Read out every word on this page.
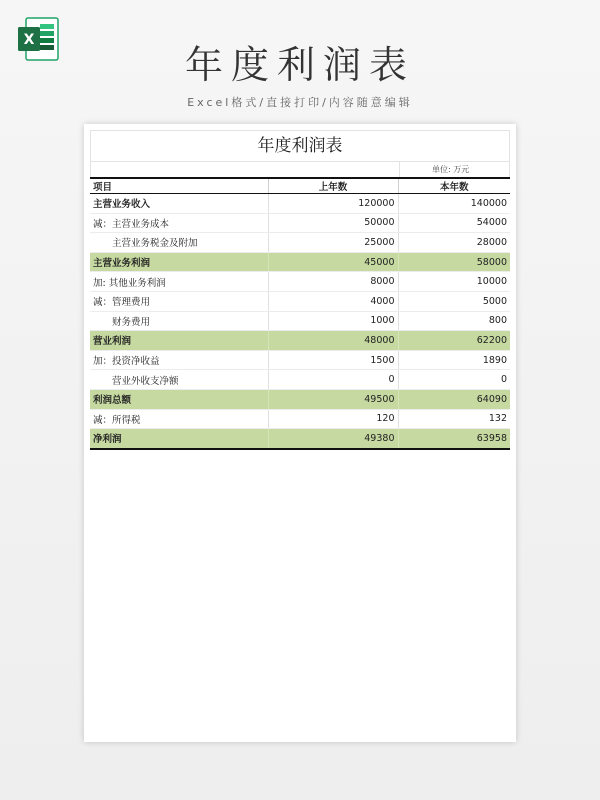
X
年度利润表
Excel格式/直接打印/内容随意编辑
年度利润表
单位: 万元
项目	上年数	本年数
主营业务收入	120000	140000
减：主营业务成本	50000	54000
主营业务税金及附加	25000	28000
主营业务利润	45000	58000
加: 其他业务利润	8000	10000
减：管理费用	4000	5000
财务费用	1000	800
营业利润	48000	62200
加：投资净收益	1500	1890
营业外收支净额	0	0
利润总额	49500	64090
减：所得税	120	132
净利润	49380	63958
